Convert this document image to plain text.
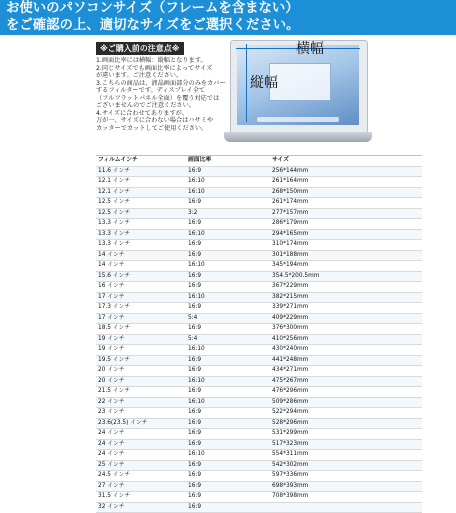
お使いのパソコンサイズ（フレームを含まない）
をご確認の上、適切なサイズをご選択ください。
※ご購入前の注意点※
1.画面比率には横幅：縦幅となります。
2.同じサイズでも画面比率によってサイズ
が違います。ご注意ください。
3.こちらの商品は、液晶画面部分のみをカバー
するフィルターです。ディスプレイ全て
（フルフラットパネル全面）を覆う対応では
ございませんのでご注意ください。
4.サイズに合わせてありますが、
万が一、サイズに合わない場合はハサミや
カッターでカットしてご使用ください。
横幅
縦幅
フィルムインチ	画面比率	サイズ
11.6 インチ	16:9	256*144mm
12.1 インチ	16:10	261*164mm
12.1 インチ	16:10	268*150mm
12.5 インチ	16:9	261*174mm
12.5 インチ	3:2	277*157mm
13.3 インチ	16:9	286*179mm
13.3 インチ	16:10	294*165mm
13.3 インチ	16:9	310*174mm
14 インチ	16:9	301*188mm
14 インチ	16:10	345*194mm
15.6 インチ	16:9	354.5*200.5mm
16 インチ	16:9	367*229mm
17 インチ	16:10	382*215mm
17.3 インチ	16:9	339*271mm
17 インチ	5:4	409*229mm
18.5 インチ	16:9	376*300mm
19 インチ	5:4	410*256mm
19 インチ	16:10	430*240mm
19.5 インチ	16:9	441*248mm
20 インチ	16:9	434*271mm
20 インチ	16:10	475*267mm
21.5 インチ	16:9	476*296mm
22 インチ	16:10	509*286mm
23 インチ	16:9	522*294mm
23.6(23.5) インチ	16:9	528*296mm
24 インチ	16:9	531*299mm
24 インチ	16:9	517*323mm
24 インチ	16:10	554*311mm
25 インチ	16:9	542*302mm
24.5 インチ	16:9	597*336mm
27 インチ	16:9	698*393mm
31.5 インチ	16:9	708*398mm
32 インチ	16:9
